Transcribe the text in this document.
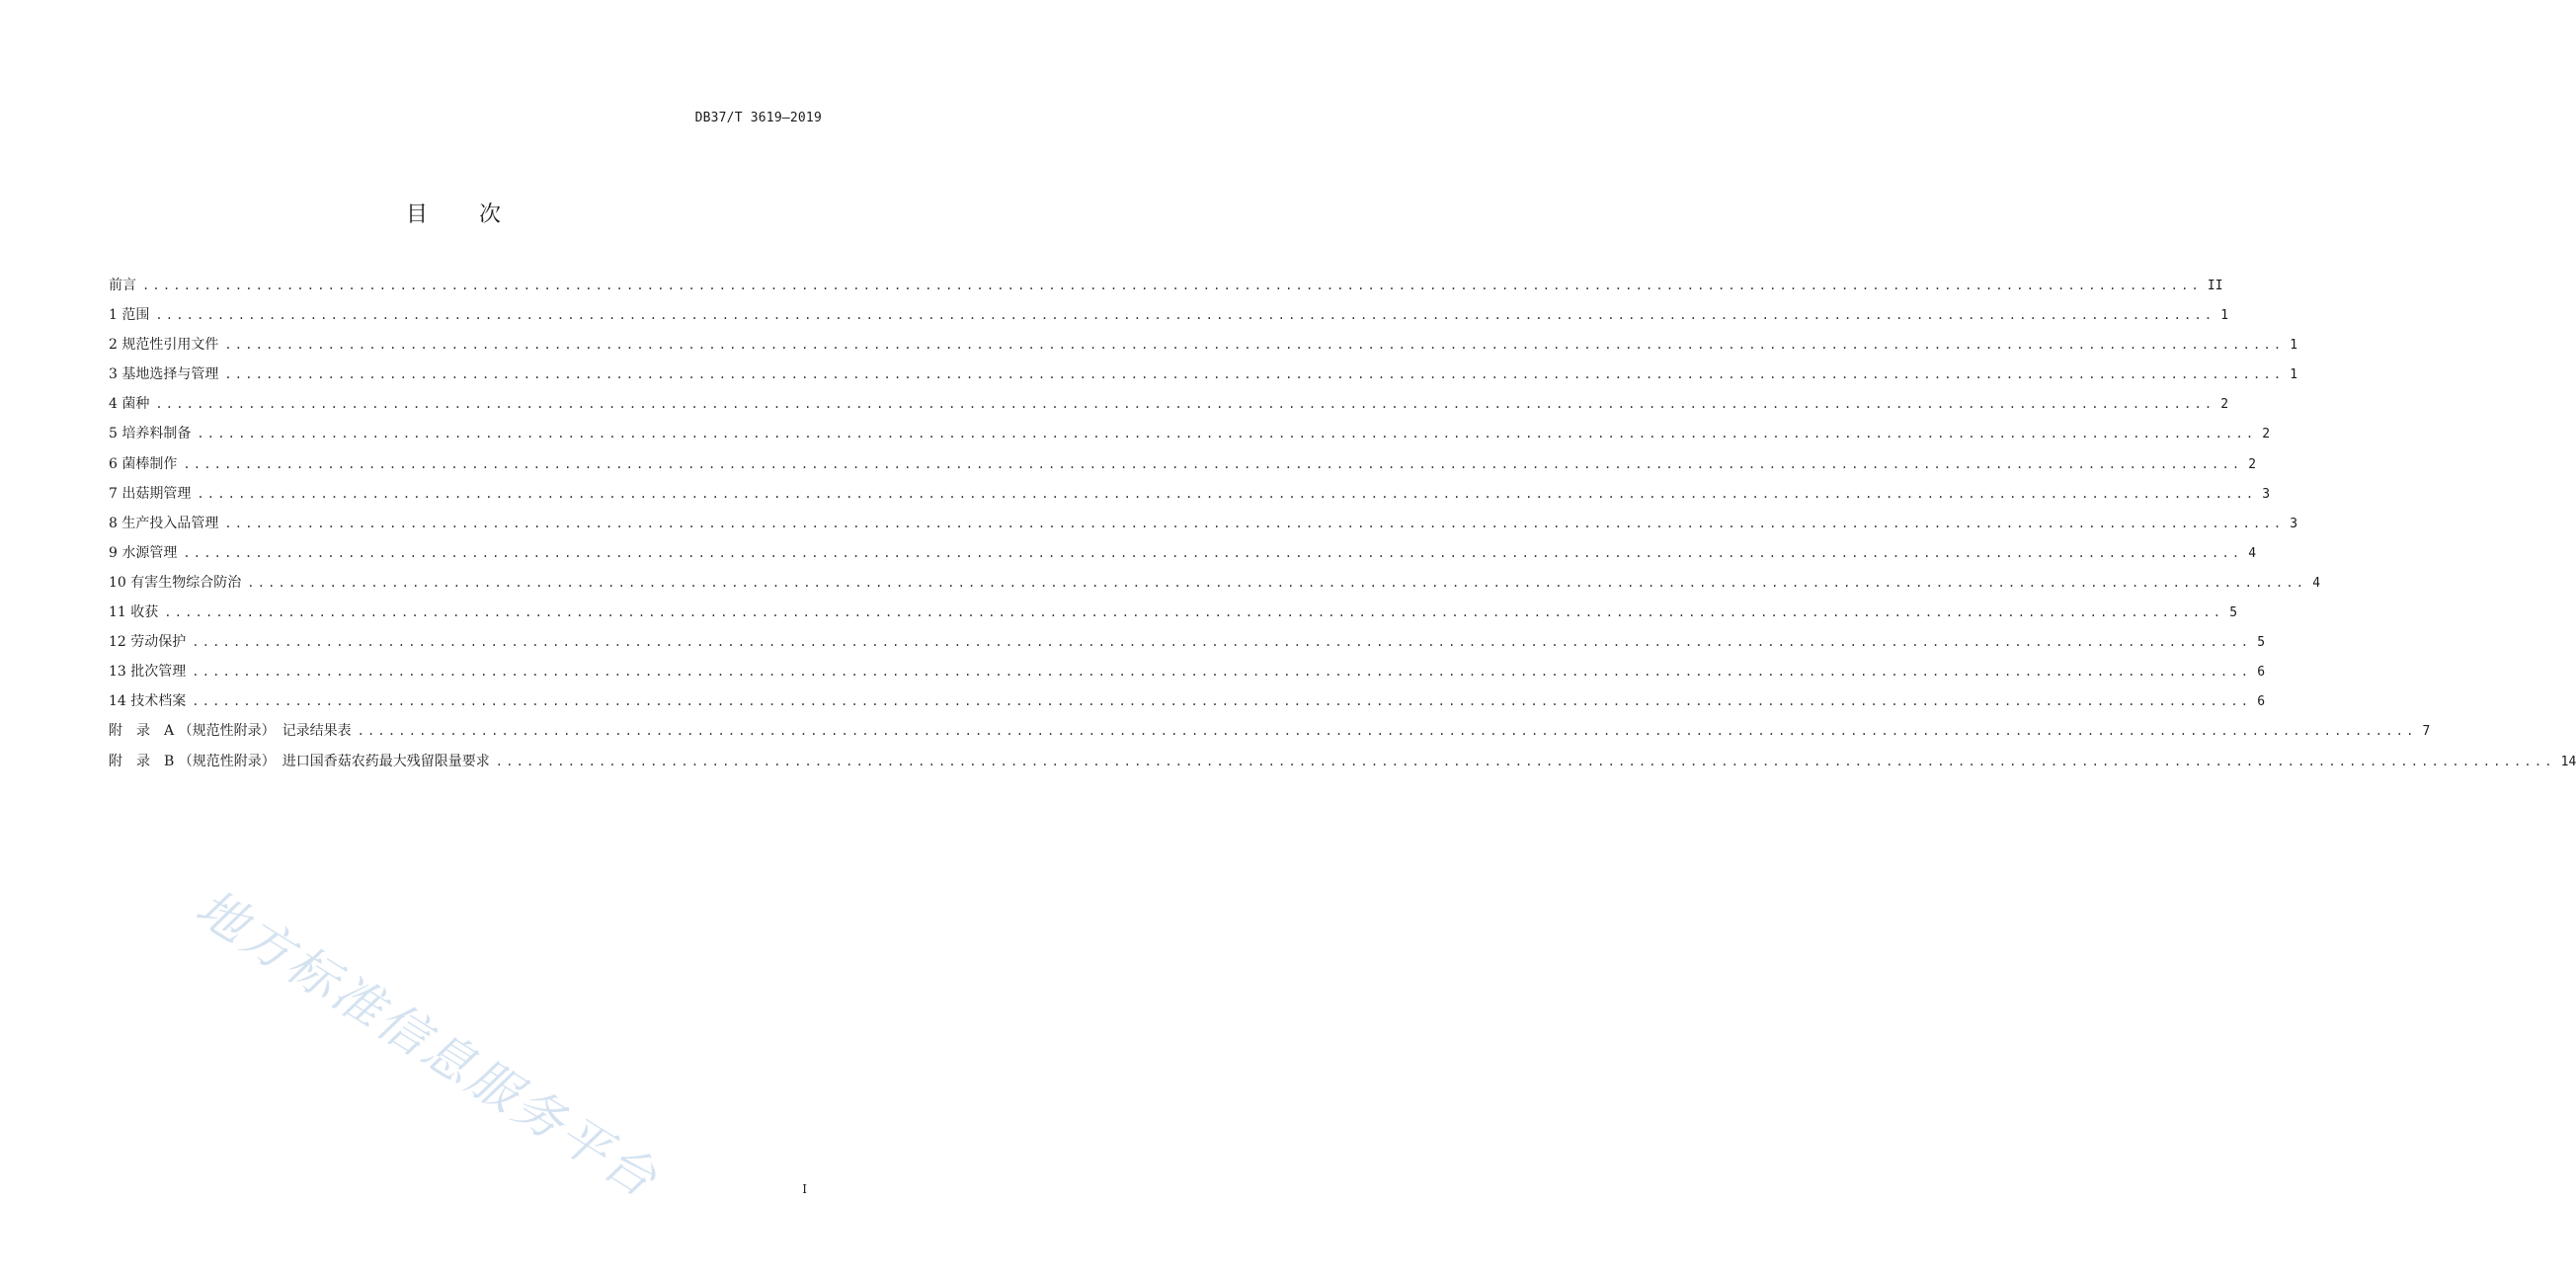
DB37/T 3619—2019
目 次
前言 ........................................................................................................................................................................................................ II
1
范围 ........................................................................................................................................................................................................ 1
2
规范性引用文件 ........................................................................................................................................................................................................ 1
3
基地选择与管理 ........................................................................................................................................................................................................ 1
4
菌种 ........................................................................................................................................................................................................ 2
5
培养料制备 ........................................................................................................................................................................................................ 2
6
菌棒制作 ........................................................................................................................................................................................................ 2
7
出菇期管理 ........................................................................................................................................................................................................ 3
8
生产投入品管理 ........................................................................................................................................................................................................ 3
9
水源管理 ........................................................................................................................................................................................................ 4
10
有害生物综合防治 ........................................................................................................................................................................................................ 4
11
收获 ........................................................................................................................................................................................................ 5
12
劳动保护 ........................................................................................................................................................................................................ 5
13
批次管理 ........................................................................................................................................................................................................ 6
14
技术档案 ........................................................................................................................................................................................................ 6
附　录　A
（规范性附录）　记录结果表 ........................................................................................................................................................................................................ 7
附　录　B
（规范性附录）　进口国香菇农药最大残留限量要求 ........................................................................................................................................................................................................ 14
地方标准信息服务平台	I
